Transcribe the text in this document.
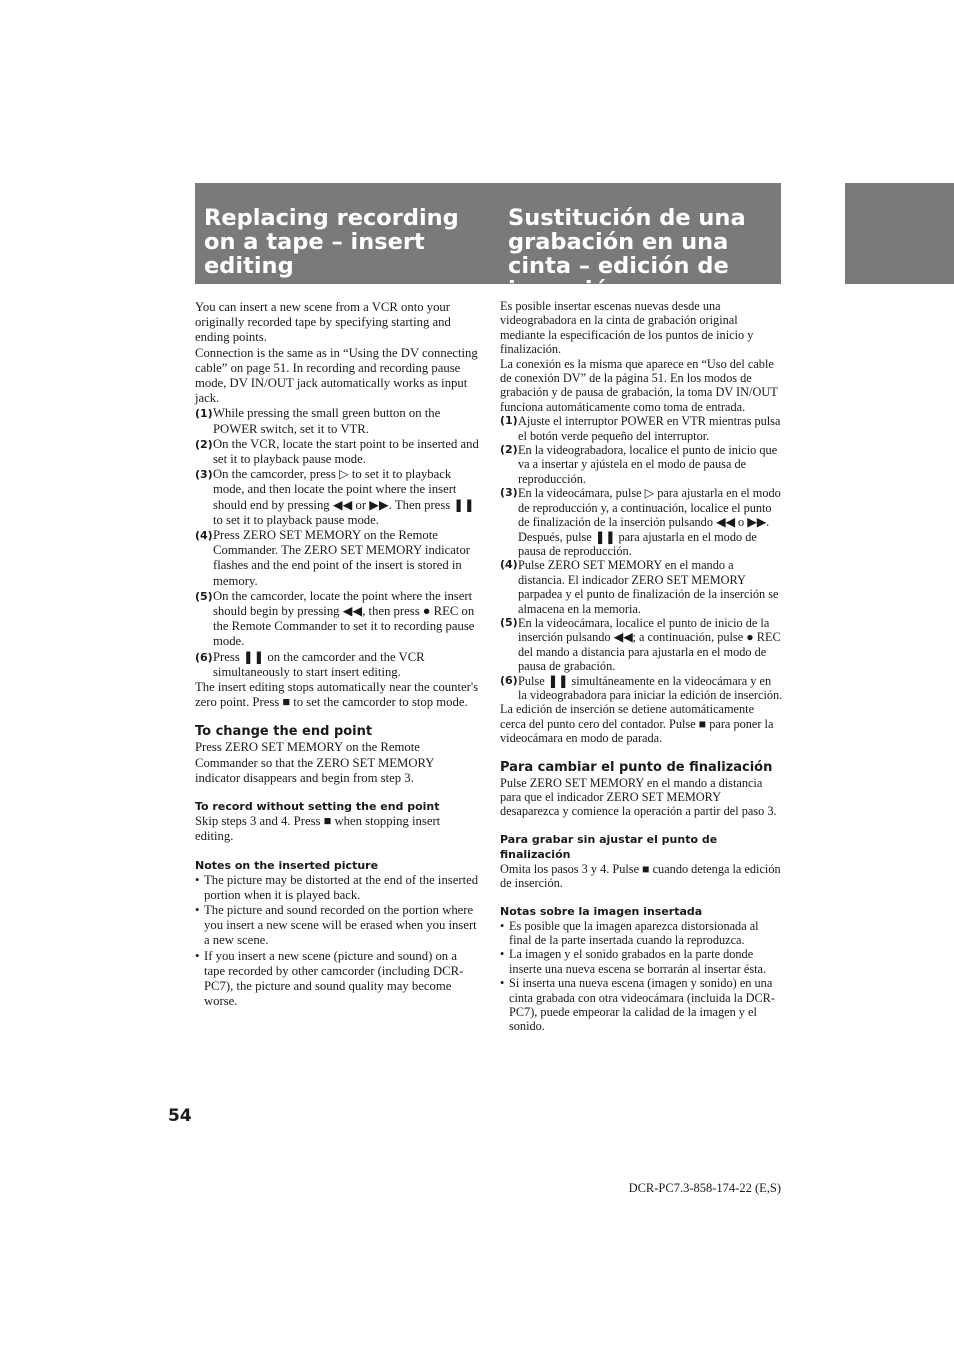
Replacing recording on a tape – insert editing
Sustitución de una grabación en una cinta – edición de inserción

You can insert a new scene from a VCR onto your originally recorded tape by specifying starting and ending points.

Connection is the same as in “Using the DV connecting cable” on page 51. In recording and recording pause mode, DV IN/OUT jack automatically works as input jack.

(1) While pressing the small green button on the POWER switch, set it to VTR.
(2) On the VCR, locate the start point to be inserted and set it to playback pause mode.
(3) On the camcorder, press ▷ to set it to playback mode, and then locate the point where the insert should end by pressing ◀◀ or ▶▶. Then press ❚❚ to set it to playback pause mode.
(4) Press ZERO SET MEMORY on the Remote Commander. The ZERO SET MEMORY indicator flashes and the end point of the insert is stored in memory.
(5) On the camcorder, locate the point where the insert should begin by pressing ◀◀, then press ● REC on the Remote Commander to set it to recording pause mode.
(6) Press ❚❚ on the camcorder and the VCR simultaneously to start insert editing.

The insert editing stops automatically near the counter's zero point. Press ■ to set the camcorder to stop mode.

To change the end point

Press ZERO SET MEMORY on the Remote Commander so that the ZERO SET MEMORY indicator disappears and begin from step 3.

To record without setting the end point

Skip steps 3 and 4. Press ■ when stopping insert editing.

Notes on the inserted picture
• The picture may be distorted at the end of the inserted portion when it is played back.
• The picture and sound recorded on the portion where you insert a new scene will be erased when you insert a new scene.
• If you insert a new scene (picture and sound) on a tape recorded by other camcorder (including DCR-PC7), the picture and sound quality may become worse.

Es posible insertar escenas nuevas desde una videograbadora en la cinta de grabación original mediante la especificación de los puntos de inicio y finalización.

La conexión es la misma que aparece en “Uso del cable de conexión DV” de la página 51. En los modos de grabación y de pausa de grabación, la toma DV IN/OUT funciona automáticamente como toma de entrada.

(1) Ajuste el interruptor POWER en VTR mientras pulsa el botón verde pequeño del interruptor.
(2) En la videograbadora, localice el punto de inicio que va a insertar y ajústela en el modo de pausa de reproducción.
(3) En la videocámara, pulse ▷ para ajustarla en el modo de reproducción y, a continuación, localice el punto de finalización de la inserción pulsando ◀◀ o ▶▶. Después, pulse ❚❚ para ajustarla en el modo de pausa de reproducción.
(4) Pulse ZERO SET MEMORY en el mando a distancia. El indicador ZERO SET MEMORY parpadea y el punto de finalización de la inserción se almacena en la memoria.
(5) En la videocámara, localice el punto de inicio de la inserción pulsando ◀◀; a continuación, pulse ● REC del mando a distancia para ajustarla en el modo de pausa de grabación.
(6) Pulse ❚❚ simultáneamente en la videocámara y en la videograbadora para iniciar la edición de inserción.

La edición de inserción se detiene automáticamente cerca del punto cero del contador. Pulse ■ para poner la videocámara en modo de parada.

Para cambiar el punto de finalización

Pulse ZERO SET MEMORY en el mando a distancia para que el indicador ZERO SET MEMORY desaparezca y comience la operación a partir del paso 3.

Para grabar sin ajustar el punto de finalización

Omita los pasos 3 y 4. Pulse ■ cuando detenga la edición de inserción.

Notas sobre la imagen insertada
• Es posible que la imagen aparezca distorsionada al final de la parte insertada cuando la reproduzca.
• La imagen y el sonido grabados en la parte donde inserte una nueva escena se borrarán al insertar ésta.
• Si inserta una nueva escena (imagen y sonido) en una cinta grabada con otra videocámara (incluida la DCR-PC7), puede empeorar la calidad de la imagen y el sonido.
54
DCR-PC7.3-858-174-22 (E,S)
